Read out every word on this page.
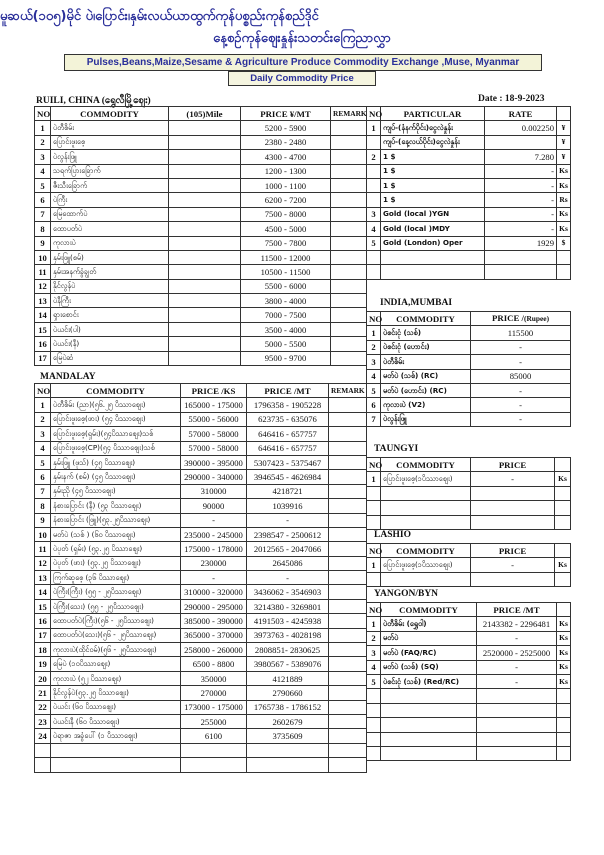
မူဆယ်(၁၀၅)မိုင် ပဲ၊ပြောင်း၊နှမ်းလယ်ယာထွက်ကုန်ပစ္စည်းကုန်စည်ဒိုင်
နေ့စဉ်ကုန်စျေးနှုန်းသတင်းကြေညာလွှာ
Pulses,Beans,Maize,Sesame & Agriculture Produce Commodity Exchange ,Muse, Myanmar
Daily Commodity Price
RUILI, CHINA (ရွှေလီမြို့စျေး)	Date : 18-9-2023
NO	COMMODITY	(105)Mile	PRICE ¥/MT	REMARK
1	ပဲတီစိမ်း		5200 - 5900	
2	ပြောင်းဖူးစေ့		2380 - 2480	
3	ပဲလွန်းဖြူ		4300 - 4700	
4	သရက်ပြားခြောက်		1200 - 1300	
5	ဇီးသီးခြောက်		1000 - 1100	
6	ပဲကြီး		6200 - 7200	
7	မြေထောက်ပဲ		7500 - 8000	
8	ထောပတ်ပဲ		4500 - 5000	
9	ကုလားပဲ		7500 - 7800	
10	နှမ်းဖြူ(စမ်)		11500 - 12000	
11	နှမ်းအနက်ခွံချွတ်		10500 - 11500	
12	နိုင်လွန်ပဲ		5500 - 6000	
13	ပဲနီကြီး		3800 - 4000	
14	ရှားစောင်း		7000 - 7500	
15	ပဲယင်း(ပါ)		3500 - 4000	
16	ပဲယင်း(နီ)		5000 - 5500	
17	မြေပဲဆံ		9500 - 9700	
NO	PARTICULAR	RATE	
1	ကျပ်-(နံနက်ပိုင်း)ငွေလဲနှုန်း	0.002250	¥
	ကျပ်-(နေ့လယ်ပိုင်း)ငွေလဲနှုန်း		¥
2	1 $	7.280	¥
	1 $	-	Ks
	1 $	-	Ks
	1 $	-	Rs
3	Gold (local )YGN	-	Ks
4	Gold (local )MDY	-	Ks
5	Gold (London) Oper	1929	$

INDIA,MUMBAI
NO	COMMODITY	PRICE /(Rupee)
1	ပဲစင်းငုံ (သစ်)	115500
2	ပဲစင်းငုံ (ဟောင်း)	-
3	ပဲတီစိမ်း	-
4	မတ်ပဲ (သစ်) (RC)	85000
5	မတ်ပဲ (ဟောင်း) (RC)	-
6	ကုလားပဲ (V2)	-
7	ပဲလွန်းဖြူ	-
MANDALAY
NO	COMMODITY	PRICE /KS	PRICE /MT	REMARK
1	ပဲတီစိမ်း (ညာ)(၅၆.၂၅ ပိဿာစျေး)	165000 - 175000	1796358 - 1905228	
2	ပြောင်းဖူးစေ့(ဖား) (၅၄ ပိဿာစျေး)	55000 - 56000	623735 - 635076	
3	ပြောင်းဖူးစေ့(ရှမ်း)(၅၄ပိဿာစျေး)သစ်	57000 - 58000	646416 - 657757	
4	ပြောင်းဖူးစေ့(CP)(၅၄ ပိဿာစျေး)သစ်	57000 - 58000	646416 - 657757	
5	နှမ်းဖြူ (ဖုသ်) (၄၅ ပိဿာစျေး)	390000 - 395000	5307423 - 5375467	
6	နှမ်းနက် (စမ်) (၄၅ ပိဿာစျေး)	290000 - 340000	3946545 - 4626984	
7	နှမ်းညို (၄၅ ပိဿာစျေး)	310000	4218721	
8	နံစားပြောင်း (နီ) (၅၃ ပိဿာစျေး)	90000	1039916	
9	နံစားပြောင်း (ဖြူ)(၅၃.၂၅ပိဿာစျေး)	-	-	
10	မတ်ပဲ (သစ် ) (၆၀ ပိဿာစျေး)	235000 - 245000	2398547 - 2500612	
11	ပဲပုတ် (ရှမ်း) (၅၃.၂၅ ပိဿာစျေး)	175000 - 178000	2012565 - 2047066	
12	ပဲပုတ် (ဖား) (၅၃.၂၅ ပိဿာစျေး)	230000	2645086	
13	ကြက်ဆူစေ့ (၃၆ ပိဿာစျေး)	-	-	
14	ပဲကြီး(ကြီး) (၅၅ - ၂၅ပိဿာစျေး)	310000 - 320000	3436062 - 3546903	
15	ပဲကြီး(သေး) (၅၅ - ၂၅ပိဿာစျေး)	290000 - 295000	3214380 - 3269801	
16	ထောပတ်ပဲ(ကြီး)(၅၆ - ၂၅ပိဿာစျေး)	385000 - 390000	4191503 - 4245938	
17	ထောပတ်ပဲ(သေး)(၅၆ - ၂၅ပိဿာစျေး)	365000 - 370000	3973763 - 4028198	
18	ကုလားပဲ(ထိုင်ဝမ်)(၅၆ - ၂၅ပိဿာစျေး)	258000 - 260000	2808851- 2830625	
19	မြေပဲ (၁၀ပိဿာစျေး)	6500 - 8800	3980567 - 5389076	
20	ကုလားပဲ (၅၂ ပိဿာစျေး)	350000	4121889	
21	နိုင်လွန်ပဲ(၅၃.၂၅ ပိဿာစျေး)	270000	2790660	
22	ပဲယင်း (၆၀ ပိဿာစျေး)	173000 - 175000	1765738 - 1786152	
23	ပဲယင်းနီ (၆၀ ပိဿာစျေး)	255000	2602679	
24	ပဲရာဇာ အခွံပေါ် (၁ ပိဿာစျေး)	6100	3735609	

TAUNGYI
NO	COMMODITY	PRICE	
1	ပြောင်းဖူးစေ့(၁ပိဿာစျေး)	-	Ks

LASHIO
NO	COMMODITY	PRICE	
1	ပြောင်းဖူးစေ့(၁ပိဿာစျေး)	-	Ks

YANGON/BYN
NO	COMMODITY	PRICE /MT	
1	ပဲတီစိမ်း (ရွှေဝါ)	2143382 - 2296481	Ks
2	မတ်ပဲ	-	Ks
3	မတ်ပဲ (FAQ/RC)	2520000 - 2525000	Ks
4	မတ်ပဲ (သစ်) (SQ)	-	Ks
5	ပဲစင်းငုံ (သစ်) (Red/RC)	-	Ks
